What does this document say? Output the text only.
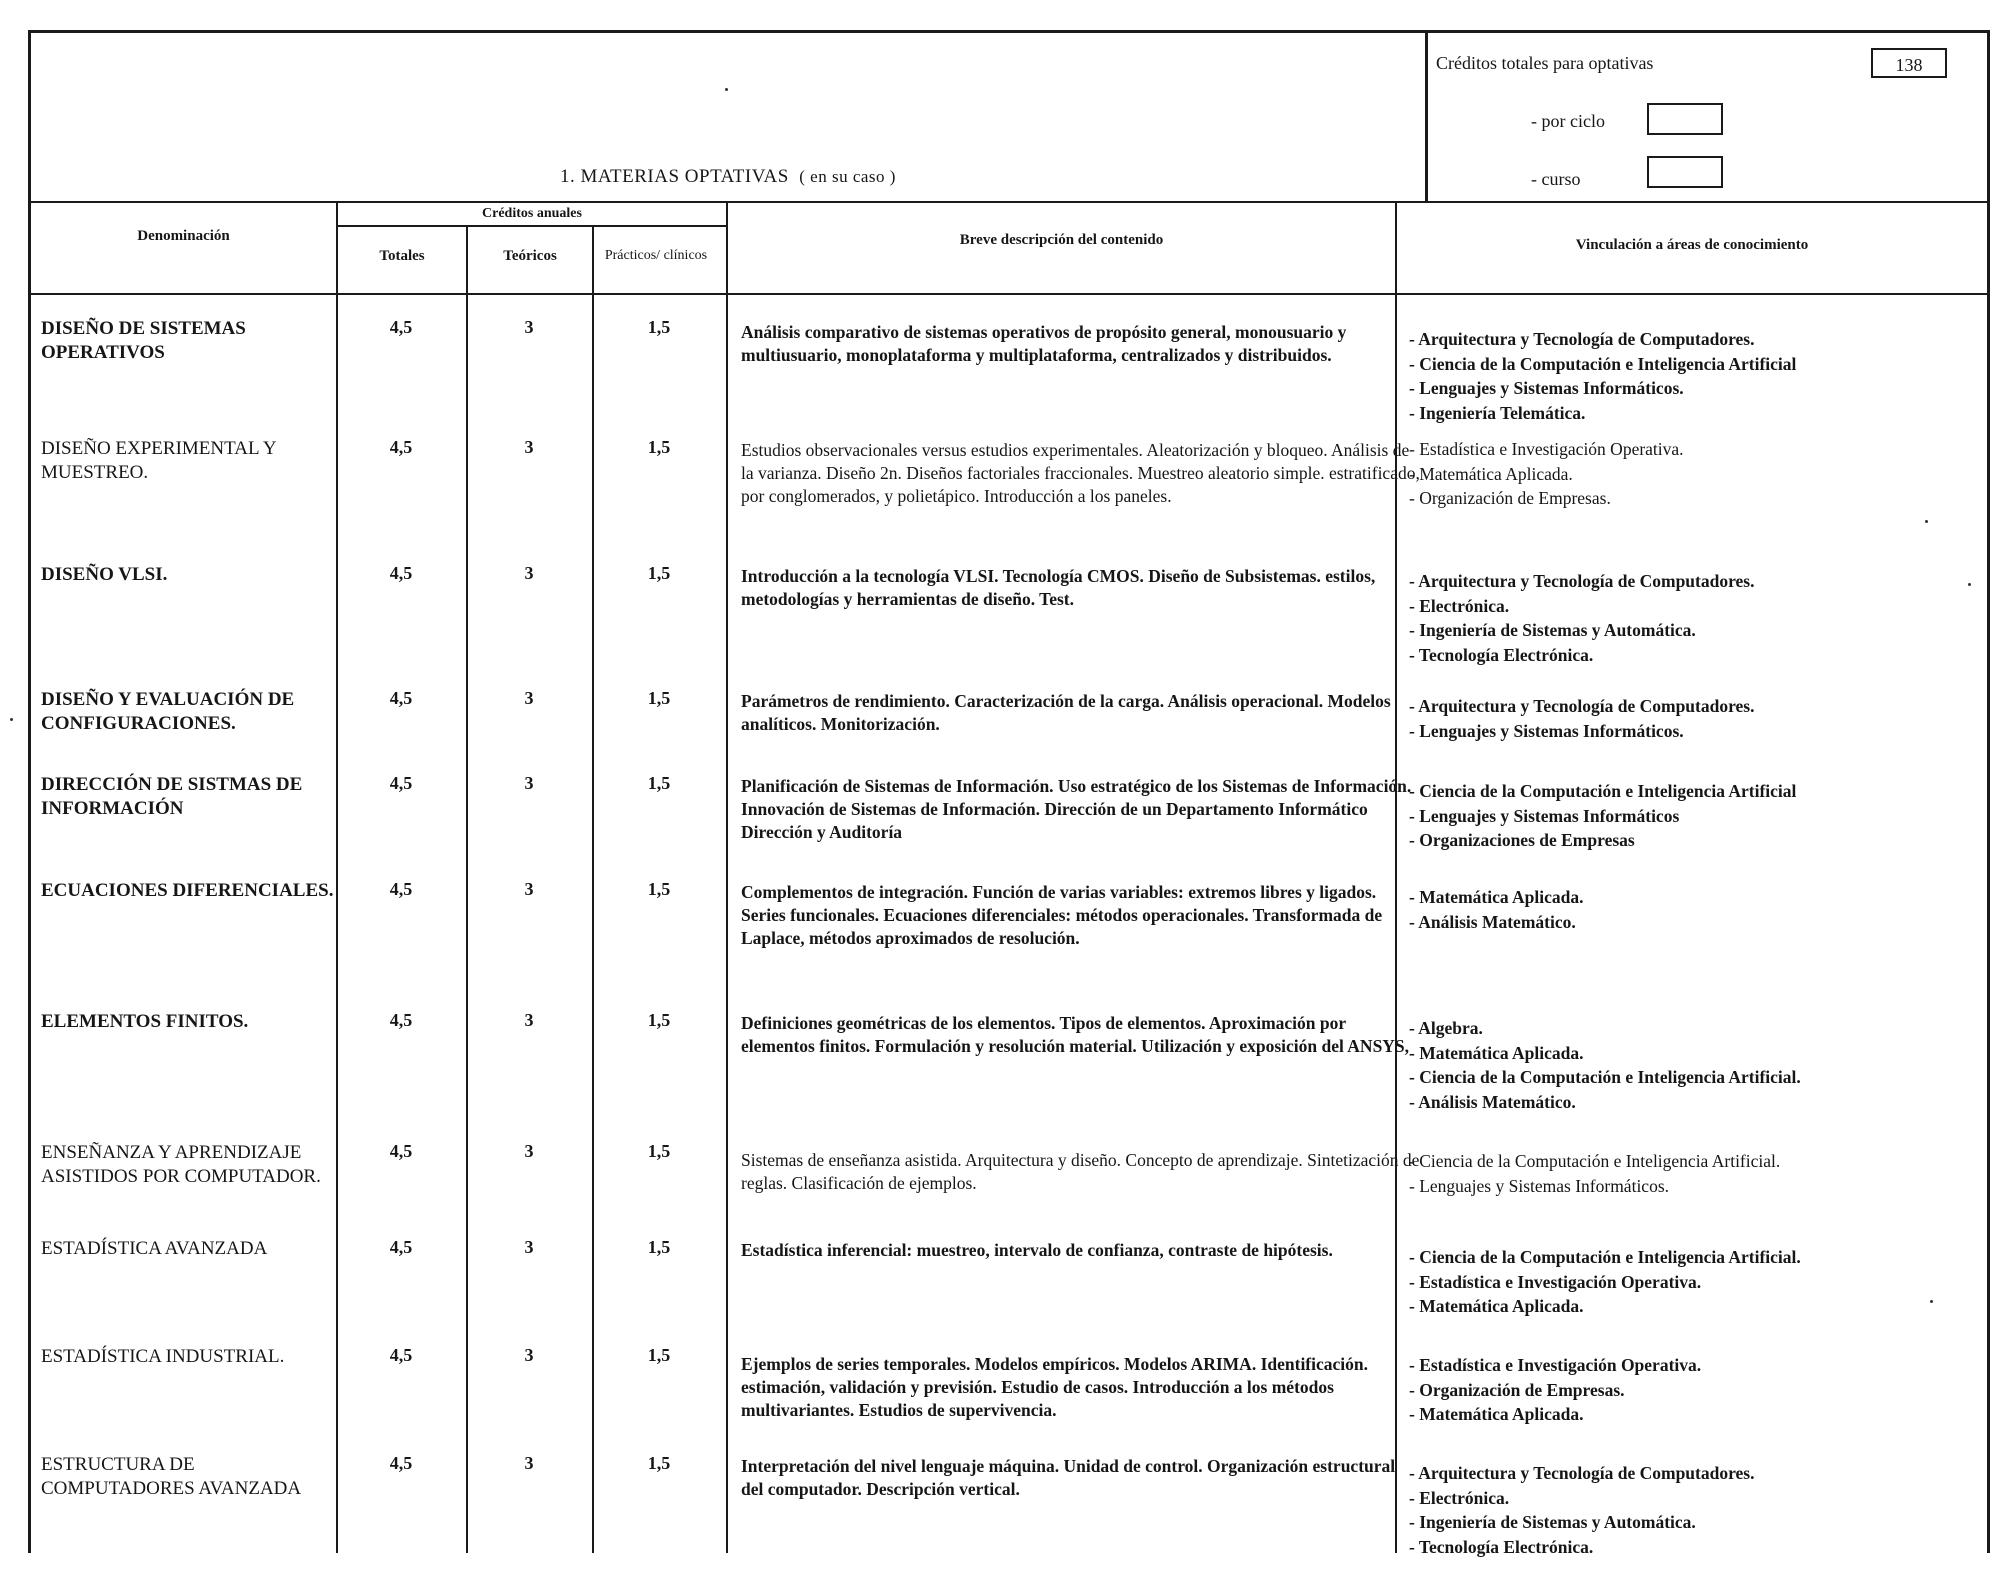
1. MATERIAS OPTATIVAS ( en su caso )
Créditos totales para optativas	138
- por ciclo
- curso
Denominación
Créditos anuales
Totales	Teóricos	Prácticos/ clínicos
Breve descripción del contenido	Vinculación a áreas de conocimiento
DISEÑO DE SISTEMAS OPERATIVOS
4,5	3	1,5	Análisis comparativo de sistemas operativos de propósito general, monousuario y multiusuario, monoplataforma y multiplataforma, centralizados y distribuidos.
- Arquitectura y Tecnología de Computadores.
- Ciencia de la Computación e Inteligencia Artificial
- Lenguajes y Sistemas Informáticos.
- Ingeniería Telemática.
DISEÑO EXPERIMENTAL Y MUESTREO.
4,5	3	1,5	Estudios observacionales versus estudios experimentales. Aleatorización y bloqueo. Análisis de la varianza. Diseño 2n. Diseños factoriales fraccionales. Muestreo aleatorio simple. estratificado, por conglomerados, y polietápico. Introducción a los paneles.
- Estadística e Investigación Operativa.
- Matemática Aplicada.
- Organización de Empresas.
DISEÑO VLSI.	4,5	3	1,5	Introducción a la tecnología VLSI. Tecnología CMOS. Diseño de Subsistemas. estilos, metodologías y herramientas de diseño. Test.
- Arquitectura y Tecnología de Computadores.
- Electrónica.
- Ingeniería de Sistemas y Automática.
- Tecnología Electrónica.
DISEÑO Y EVALUACIÓN DE CONFIGURACIONES.
4,5	3	1,5	Parámetros de rendimiento. Caracterización de la carga. Análisis operacional. Modelos analíticos. Monitorización.
- Arquitectura y Tecnología de Computadores.
- Lenguajes y Sistemas Informáticos.
DIRECCIÓN DE SISTMAS DE INFORMACIÓN
4,5	3	1,5	Planificación de Sistemas de Información. Uso estratégico de los Sistemas de Información. Innovación de Sistemas de Información. Dirección de un Departamento Informático Dirección y Auditoría
- Ciencia de la Computación e Inteligencia Artificial
- Lenguajes y Sistemas Informáticos
- Organizaciones de Empresas
ECUACIONES DIFERENCIALES.	4,5	3	1,5	Complementos de integración. Función de varias variables: extremos libres y ligados. Series funcionales. Ecuaciones diferenciales: métodos operacionales. Transformada de Laplace, métodos aproximados de resolución.
- Matemática Aplicada.
- Análisis Matemático.
ELEMENTOS FINITOS.	4,5	3	1,5	Definiciones geométricas de los elementos. Tipos de elementos. Aproximación por elementos finitos. Formulación y resolución material. Utilización y exposición del ANSYS,
- Algebra.
- Matemática Aplicada.
- Ciencia de la Computación e Inteligencia Artificial.
- Análisis Matemático.
ENSEÑANZA Y APRENDIZAJE ASISTIDOS POR COMPUTADOR.
4,5	3	1,5	Sistemas de enseñanza asistida. Arquitectura y diseño. Concepto de aprendizaje. Sintetización de reglas. Clasificación de ejemplos.
- Ciencia de la Computación e Inteligencia Artificial.
- Lenguajes y Sistemas Informáticos.
ESTADÍSTICA AVANZADA	4,5	3	1,5	Estadística inferencial: muestreo, intervalo de confianza, contraste de hipótesis.
-	Ciencia de la Computación e Inteligencia Artificial.
- Estadística e Investigación Operativa.
- Matemática Aplicada.
ESTADÍSTICA INDUSTRIAL.	4,5	3	1,5	Ejemplos de series temporales. Modelos empíricos. Modelos ARIMA. Identificación. estimación, validación y previsión. Estudio de casos. Introducción a los métodos multivariantes. Estudios de supervivencia.
- Estadística e Investigación Operativa.
- Organización de Empresas.
- Matemática Aplicada.
ESTRUCTURA DE COMPUTADORES AVANZADA
4,5	3	1,5	Interpretación del nivel lenguaje máquina. Unidad de control. Organización estructural del computador. Descripción vertical.
- Arquitectura y Tecnología de Computadores.
- Electrónica.
- Ingeniería de Sistemas y Automática.
- Tecnología Electrónica.
